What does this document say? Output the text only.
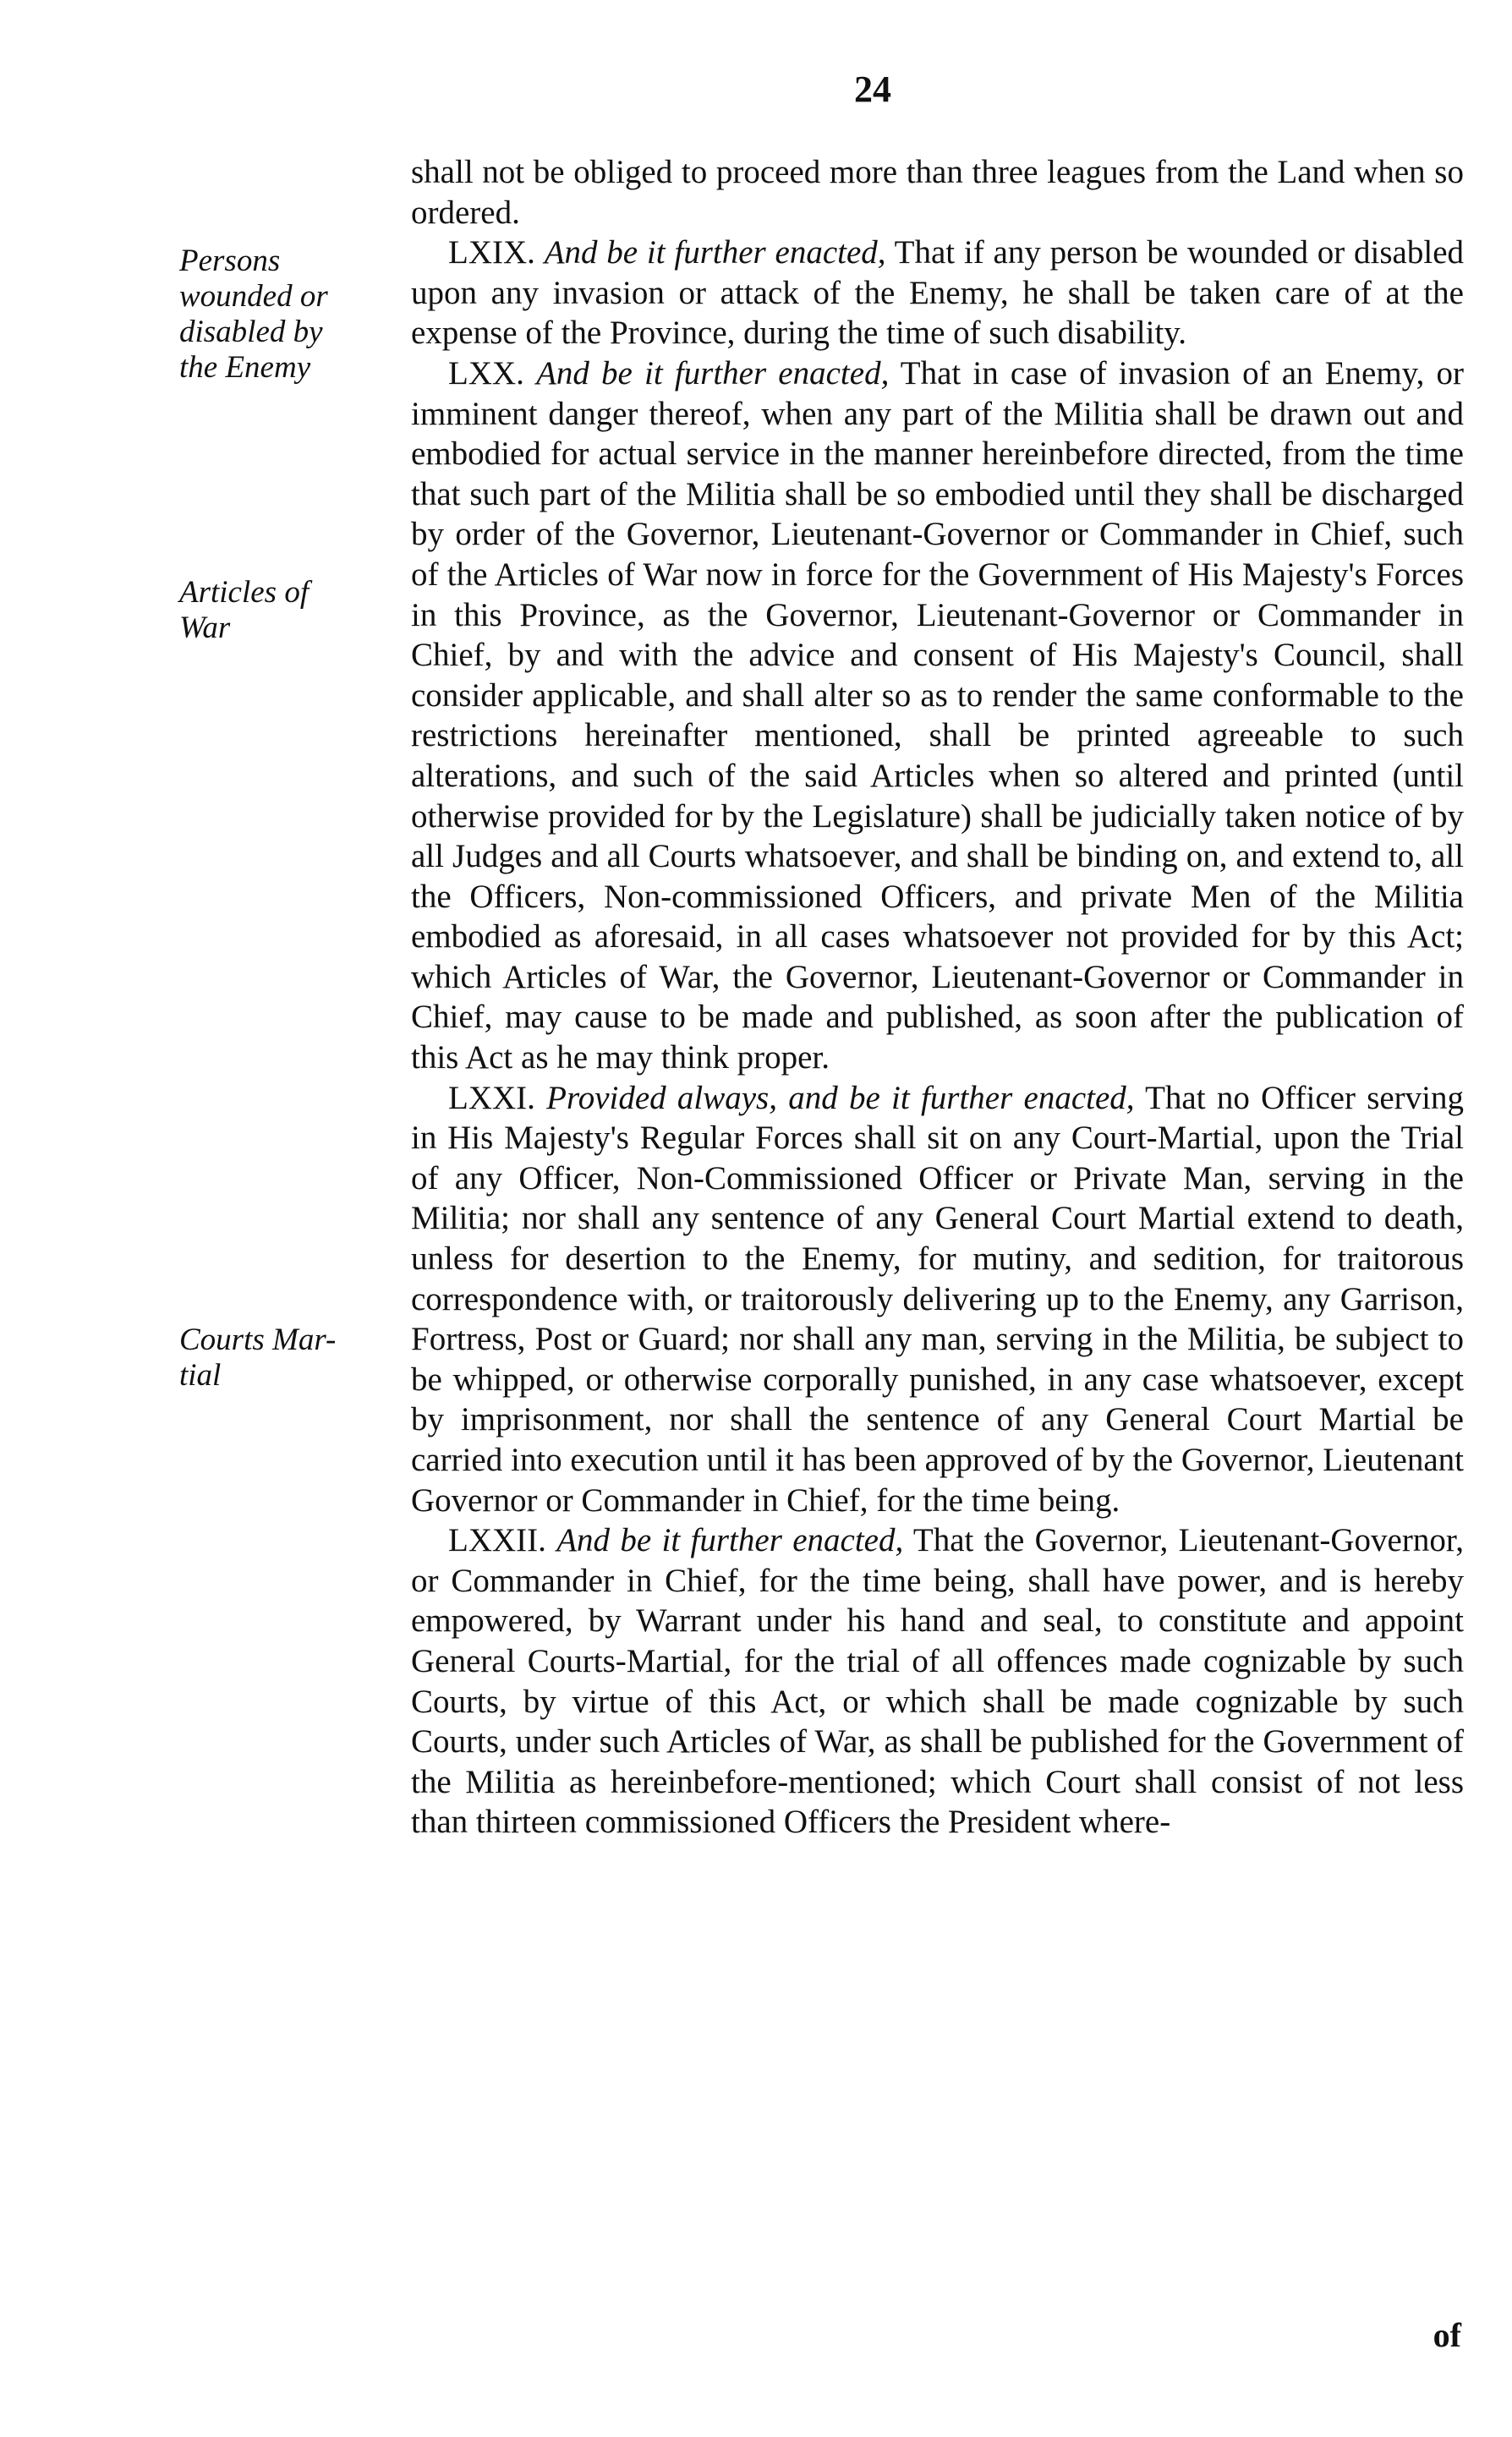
24
Persons
wounded or
disabled by
the Enemy
Articles of
War
Courts Mar-
tial

shall not be obliged to proceed more than three leagues from the Land when so ordered.

LXIX. And be it further enacted, That if any person be wounded or disabled upon any invasion or attack of the Enemy, he shall be taken care of at the expense of the Province, during the time of such disability.

LXX. And be it further enacted, That in case of invasion of an Enemy, or imminent danger thereof, when any part of the Militia shall be drawn out and embodied for actual service in the manner hereinbefore directed, from the time that such part of the Militia shall be so embodied until they shall be discharged by order of the Governor, Lieutenant-Governor or Commander in Chief, such of the Articles of War now in force for the Government of His Majesty's Forces in this Province, as the Governor, Lieutenant-Governor or Commander in Chief, by and with the advice and consent of His Majesty's Council, shall consider applicable, and shall alter so as to render the same conformable to the restrictions hereinafter mentioned, shall be printed agreeable to such alterations, and such of the said Articles when so altered and printed (until otherwise provided for by the Legislature) shall be judicially taken notice of by all Judges and all Courts whatsoever, and shall be binding on, and extend to, all the Officers, Non-commissioned Officers, and private Men of the Militia embodied as aforesaid, in all cases whatsoever not provided for by this Act; which Articles of War, the Governor, Lieutenant-Governor or Commander in Chief, may cause to be made and published, as soon after the publication of this Act as he may think proper.

LXXI. Provided always, and be it further enacted, That no Officer serving in His Majesty's Regular Forces shall sit on any Court-Martial, upon the Trial of any Officer, Non-Commissioned Officer or Private Man, serving in the Militia; nor shall any sentence of any General Court Martial extend to death, unless for desertion to the Enemy, for mutiny, and sedition, for traitorous correspondence with, or traitorously delivering up to the Enemy, any Garrison, Fortress, Post or Guard; nor shall any man, serving in the Militia, be subject to be whipped, or otherwise corporally punished, in any case whatsoever, except by imprisonment, nor shall the sentence of any General Court Martial be carried into execution until it has been approved of by the Governor, Lieutenant Governor or Commander in Chief, for the time being.

LXXII. And be it further enacted, That the Governor, Lieutenant-Governor, or Commander in Chief, for the time being, shall have power, and is hereby empowered, by Warrant under his hand and seal, to constitute and appoint General Courts-Martial, for the trial of all offences made cognizable by such Courts, by virtue of this Act, or which shall be made cognizable by such Courts, under such Articles of War, as shall be published for the Government of the Militia as hereinbefore-mentioned; which Court shall consist of not less than thirteen commissioned Officers the President where-

of
